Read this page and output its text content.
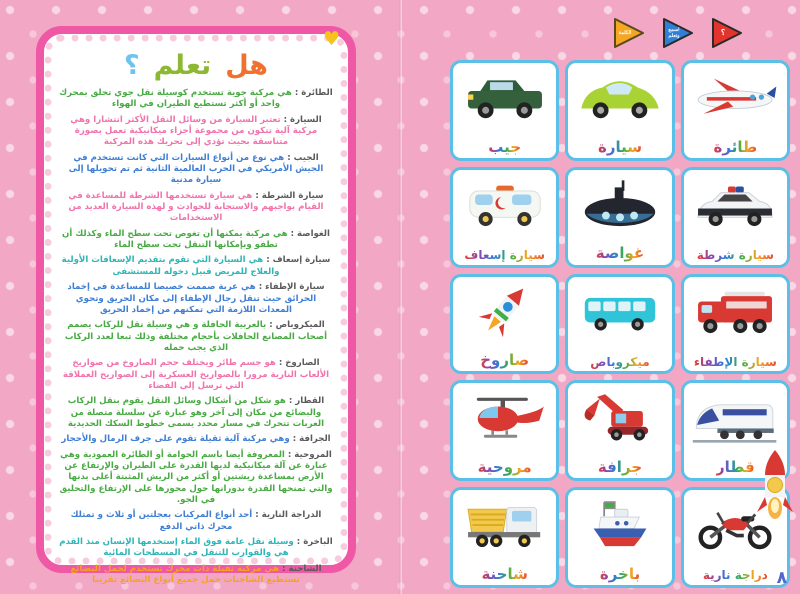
♥
هلتعلم؟

الطائرة : هي مركبة جوية تستخدم كوسيلة نقل جوي تحلق بمحرك واحد أو أكثر تستطيع الطيران في الهواء

السيارة : تعتبر السيارة من وسائل النقل الأكثر انتشارا وهي مركبة آلية تتكون من مجموعة أجزاء ميكانيكية تعمل بصورة متناسقة بحيث تؤدي إلى تحريك هذه المركبة

الجيب : هي نوع من أنواع السيارات التي كانت تستخدم في الجيش الأمريكي في الحرب العالمية الثانية ثم تم تحويلها إلى سيارة مدنية

سيارة الشرطة : هي سيارة تستخدمها الشرطة للمساعدة في القيام بواجبهم والاستجابة للحوادث و لهذه السيارة العديد من الاستخدامات

الغواصة : هي مركبة يمكنها أن تغوص تحت سطح الماء وكذلك أن تطفو وبإمكانها التنقل تحت سطح الماء

سيارة إسعاف : هي السيارة التي تقوم بتقديم الإسعافات الأولية والعلاج للمريض قبيل دخوله للمستشفى

سيارة الإطفاء : هي عربة صممت خصيصا للمساعدة في إخماد الحرائق حيث تنقل رجال الإطفاء إلى مكان الحريق وتحوي المعدات اللازمة التي تمكنهم من إخماد الحريق

الميكروباص : بالعربية الحافلة و هي وسيلة نقل للركاب يصمم أصحاب المصانع الحافلات بأحجام مختلفة وذلك تبعا لعدد الركاب الذي يجب حمله

الصاروخ : هو جسم طائر ويختلف حجم الصاروخ من صواريخ الألعاب النارية مرورا بالصواريخ العسكرية إلى الصواريخ العملاقة التي ترسل إلى الفضاء

القطار : هو شكل من أشكال وسائل النقل يقوم بنقل الركاب والبضائع من مكان إلى آخر وهو عبارة عن سلسلة متصلة من العربات تتحرك في مسار محدد يسمى خطوط السكك الحديدية

الجرافة : وهي مركبة آلية ثقيلة تقوم على جرف الرمال والأحجار

المروحية : المعروفة أيضا باسم الحوامة أو الطائرة العمودية وهي عبارة عن آلة ميكانيكية لديها القدرة على الطيران والإرتفاع عن الأرض بمساعدة ريشتين أو أكثر من الريش المثبتة أعلى بدنها والتي تمنحها القدرة بدورانها حول محورها على الإرتفاع والتحليق في الجو.

الدراجة النارية : أحد أنواع المركبات بعجلتين أو ثلاث و تمتلك محرك ذاتي الدفع

الباخرة : وسيلة نقل عامة فوق الماء إستخدمها الإنسان منذ القدم هي والقوارب للتنقل في المسطحات المائية

الشاحنة : هي مركبة ثقيلة ذات محرك تستخدم لحمل البضائع تستطيع الشاحنات حمل جميع أنواع البضائع تقريبا

جيب	سيارة	طائرة
سيارة إسعاف	غواصة	سيارة شرطة
صاروخ	ميكروباص	سيارة الإطفاء
مروحية	جرافة	قطار
شاحنة	باخرة	دراجة نارية
الكلمة	اسمع وتعلم	؟
٨
